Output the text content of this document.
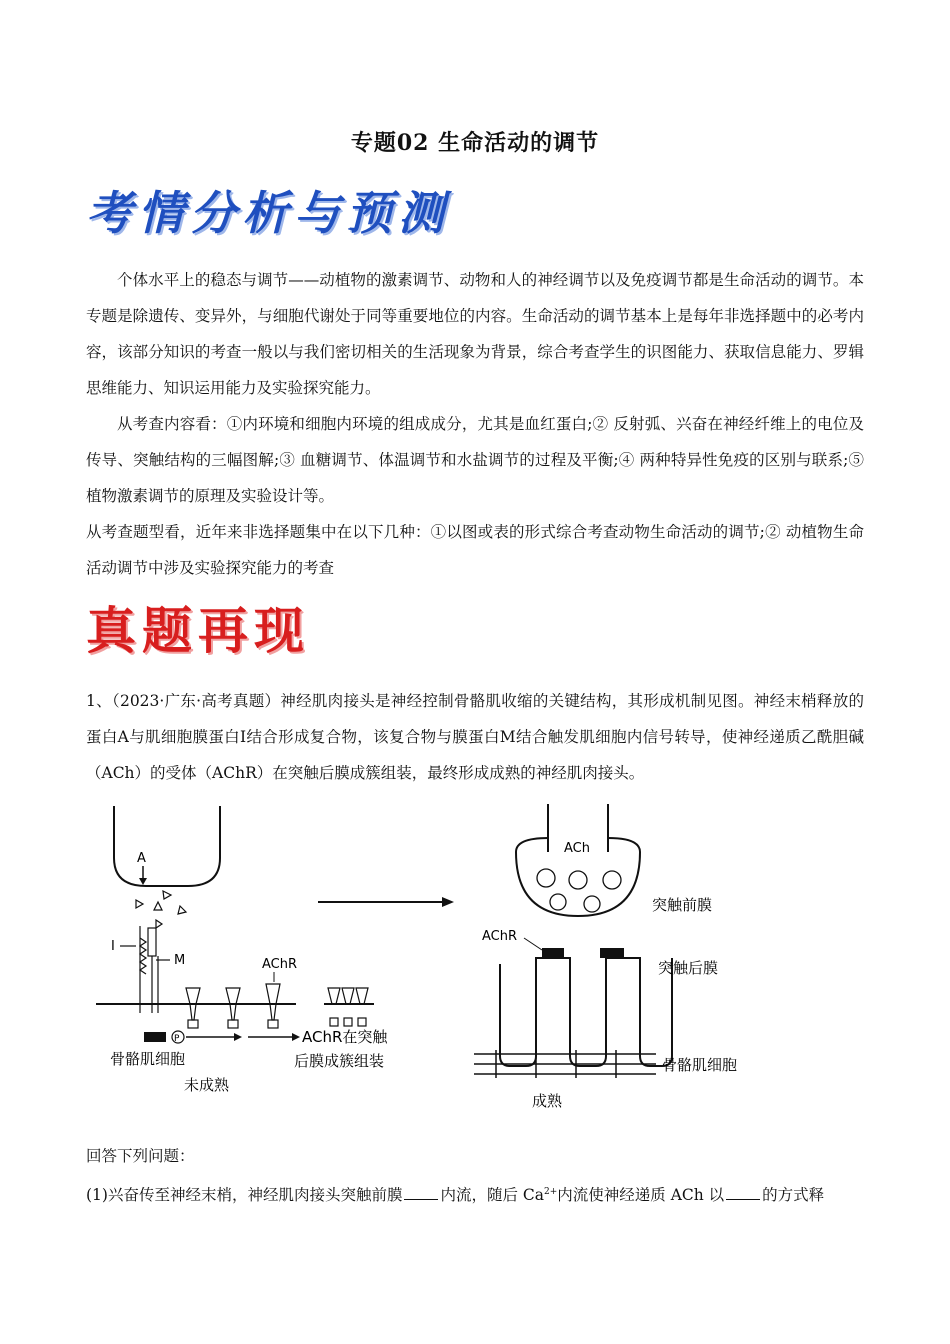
专题02 生命活动的调节
考情分析与预测
个体水平上的稳态与调节——动植物的激素调节、动物和人的神经调节以及免疫调节都是生命活动的调节。本专题是除遗传、变异外，与细胞代谢处于同等重要地位的内容。生命活动的调节基本上是每年非选择题中的必考内容，该部分知识的考查一般以与我们密切相关的生活现象为背景，综合考查学生的识图能力、获取信息能力、罗辑思维能力、知识运用能力及实验探究能力。
从考查内容看：①内环境和细胞内环境的组成成分，尤其是血红蛋白;② 反射弧、兴奋在神经纤维上的电位及传导、突触结构的三幅图解;③ 血糖调节、体温调节和水盐调节的过程及平衡;④ 两种特异性免疫的区别与联系;⑤ 植物激素调节的原理及实验设计等。
从考查题型看，近年来非选择题集中在以下几种：①以图或表的形式综合考查动物生命活动的调节;② 动植物生命活动调节中涉及实验探究能力的考查
真题再现
1、（2023·广东·高考真题）神经肌肉接头是神经控制骨骼肌收缩的关键结构，其形成机制见图。神经末梢释放的蛋白A与肌细胞膜蛋白Ⅰ结合形成复合物，该复合物与膜蛋白M结合触发肌细胞内信号转导，使神经递质乙酰胆碱（ACh）的受体（AChR）在突触后膜成簇组装，最终形成成熟的神经肌肉接头。
A
I
M	AChR
P	AChR在突触
后膜成簇组装
骨骼肌细胞
未成熟
ACh
突触前膜
AChR
突触后膜
骨骼肌细胞
成熟
回答下列问题：
(1)兴奋传至神经末梢，神经肌肉接头突触前膜 内流，随后 $Ca^{2+}$内流使神经递质 ACh 以 的方式释
